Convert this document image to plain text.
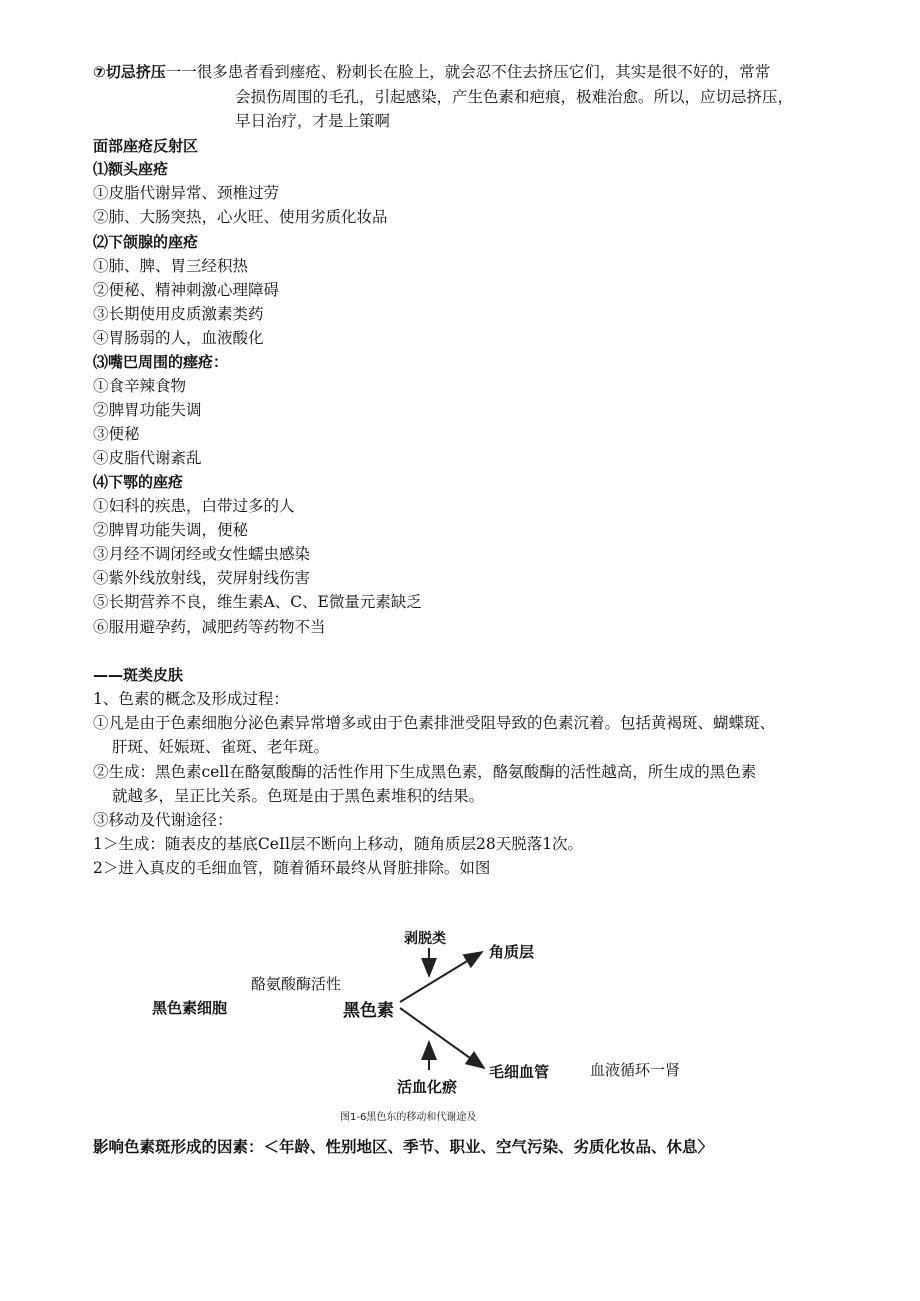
⑦切忌挤压一一很多患者看到瘗疮、粉刺长在脸上，就会忍不住去挤压它们，其实是很不好的，常常
会损伤周围的毛孔，引起感染，产生色素和疤痕，极难治愈。所以，应切忌挤压，
早日治疗，才是上策啊
面部座疮反射区
⑴额头座疮
①皮脂代谢异常、颈椎过劳
②肺、大肠突热，心火旺、使用劣质化妆品
⑵下颌腺的座疮
①肺、脾、胃三经积热
②便秘、精神刺激心理障碍
③长期使用皮质激素类药
④胃肠弱的人，血液酸化
⑶嘴巴周围的瘗疮：
①食辛辣食物
②脾胃功能失调
③便秘
④皮脂代谢紊乱
⑷下鄂的座疮
①妇科的疾患，白带过多的人
②脾胃功能失调，便秘
③月经不调闭经或女性蠕虫感染
④紫外线放射线，荧屏射线伤害
⑤长期营养不良，维生素A、C、E微量元素缺乏
⑥服用避孕药，减肥药等药物不当
——斑类皮肤
1、色素的概念及形成过程：
①凡是由于色素细胞分泌色素异常增多或由于色素排泄受阻导致的色素沉着。包括黄褐斑、蝴蝶斑、
肝斑、妊娠斑、雀斑、老年斑。
②生成：黑色素cell在酪氨酸酶的活性作用下生成黑色素，酪氨酸酶的活性越高，所生成的黑色素
就越多，呈正比关系。色斑是由于黑色素堆积的结果。
③移动及代谢途径：
1＞生成：随表皮的基底CeIl层不断向上移动，随角质层28天脱落1次。
2＞进入真皮的毛细血管，随着循环最终从肾脏排除。如图
剥脱类
角质层
酪氨酸酶活性
黑色素细胞	黑色素
毛细血管	血液循环一肾
活血化瘀
图1-6黑色东的移动和代谢途及
影响色素斑形成的因素：＜年龄、性别地区、季节、职业、空气污染、劣质化妆品、休息〉
